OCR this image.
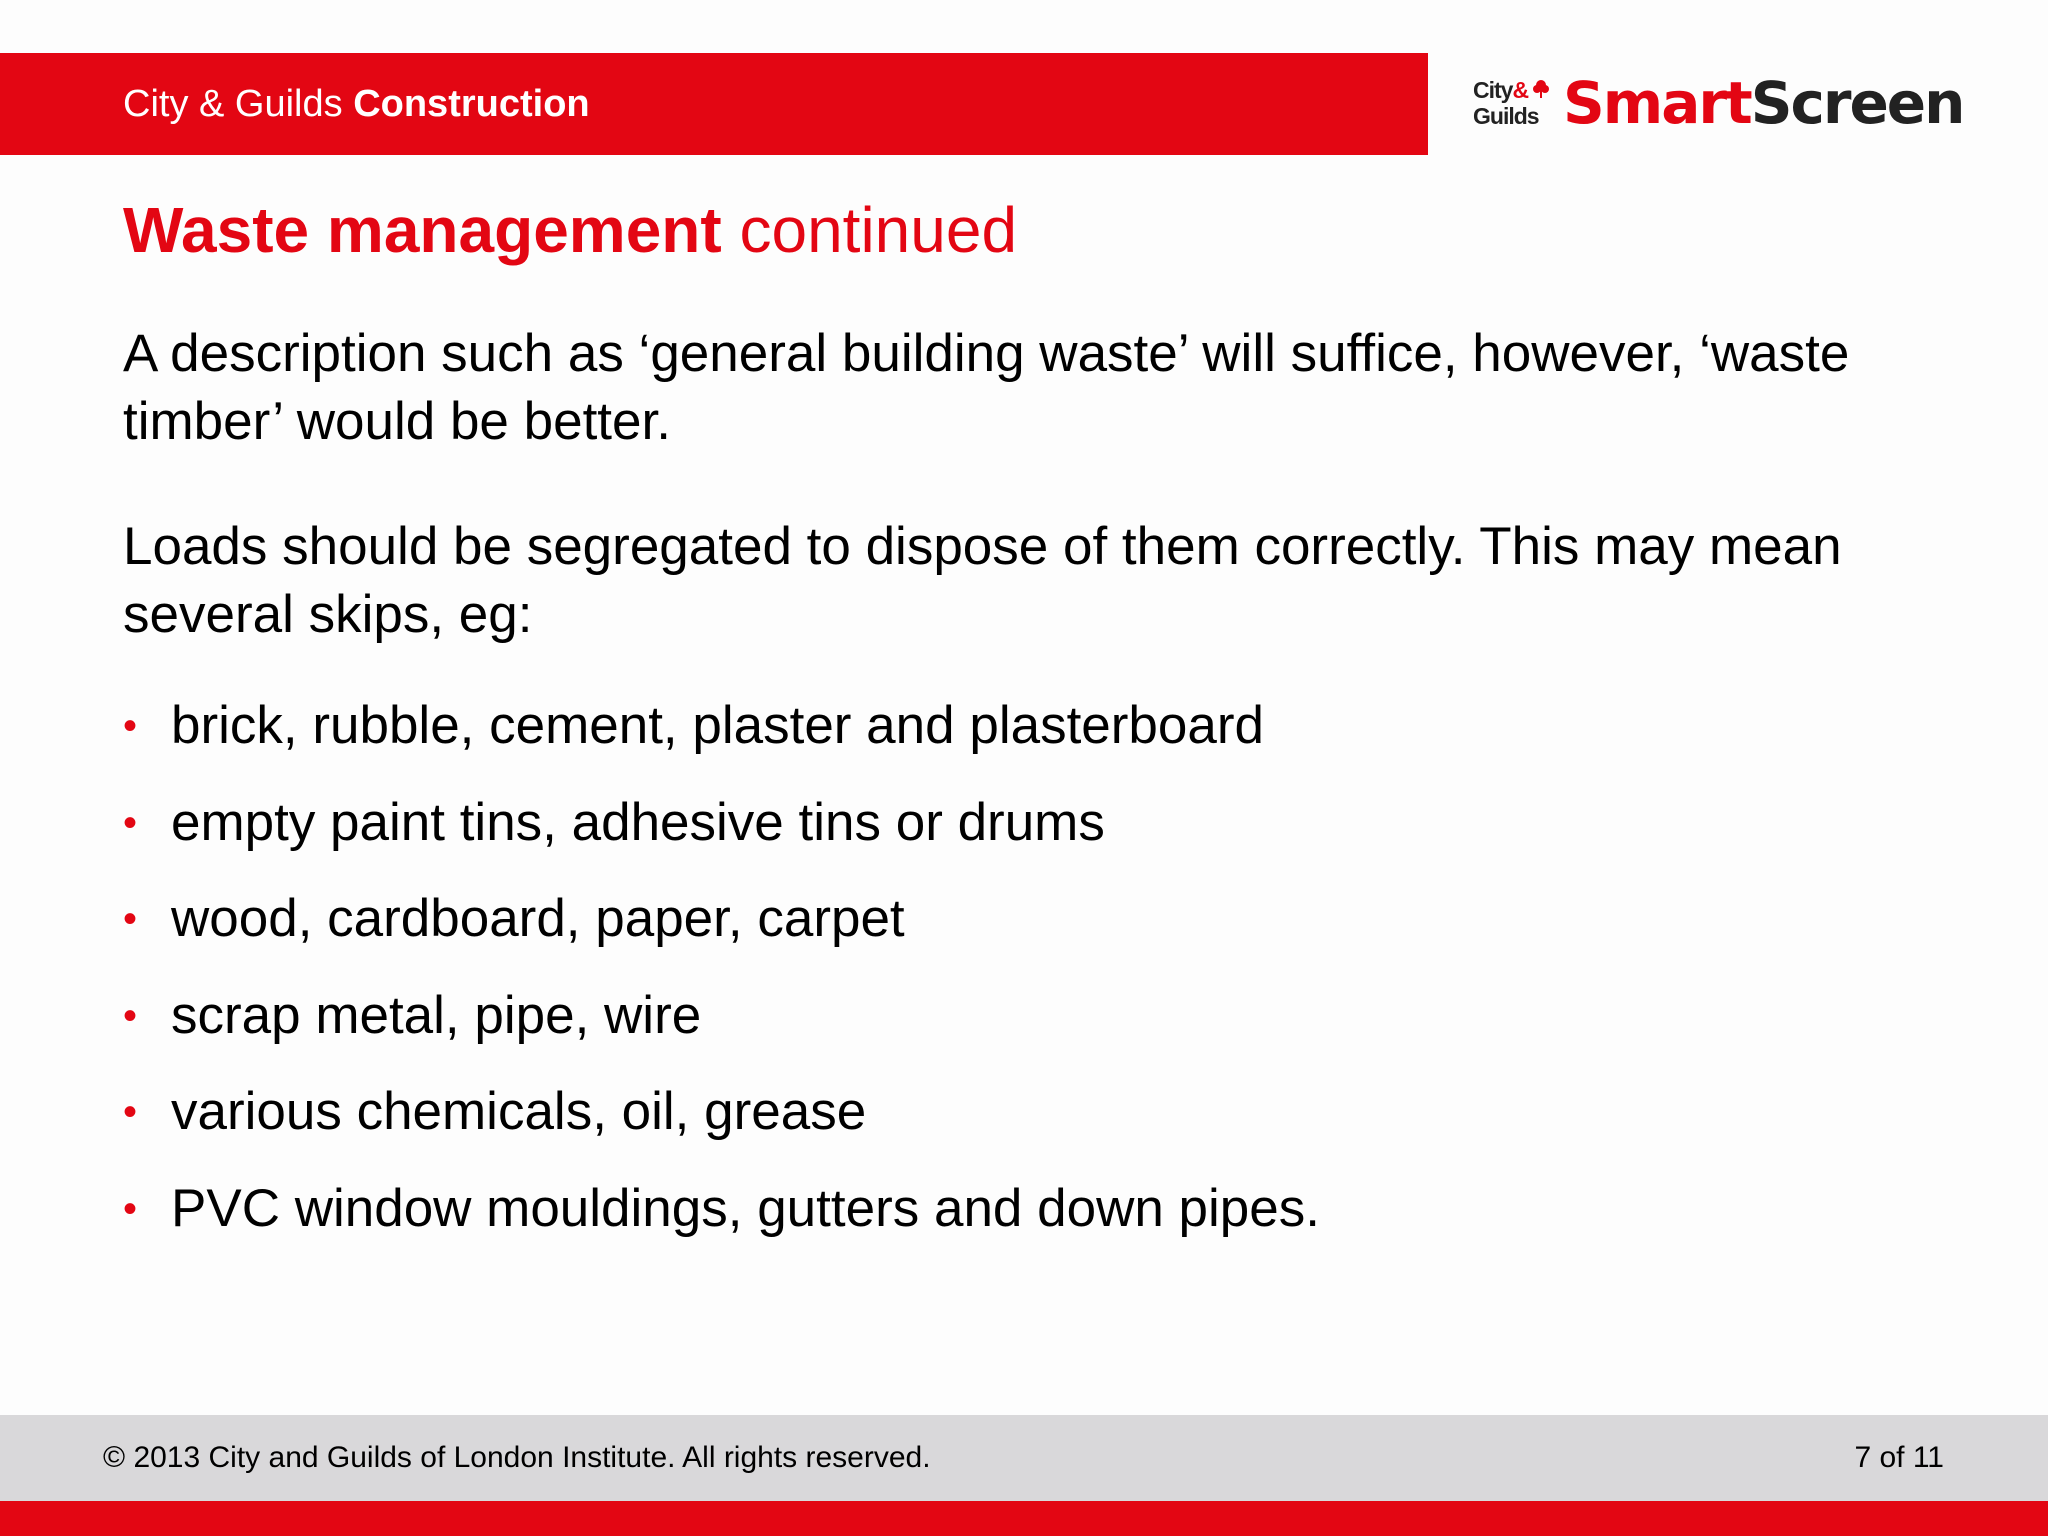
City & Guilds Construction	City&
Guilds SmartScreen
Waste management continued
A description such as ‘general building waste’ will suffice, however, ‘waste timber’ would be better.
Loads should be segregated to dispose of them correctly. This may mean several skips, eg:
• brick, rubble, cement, plaster and plasterboard
• empty paint tins, adhesive tins or drums
• wood, cardboard, paper, carpet
• scrap metal, pipe, wire
• various chemicals, oil, grease
• PVC window mouldings, gutters and down pipes.
© 2013 City and Guilds of London Institute. All rights reserved.	7 of 11
